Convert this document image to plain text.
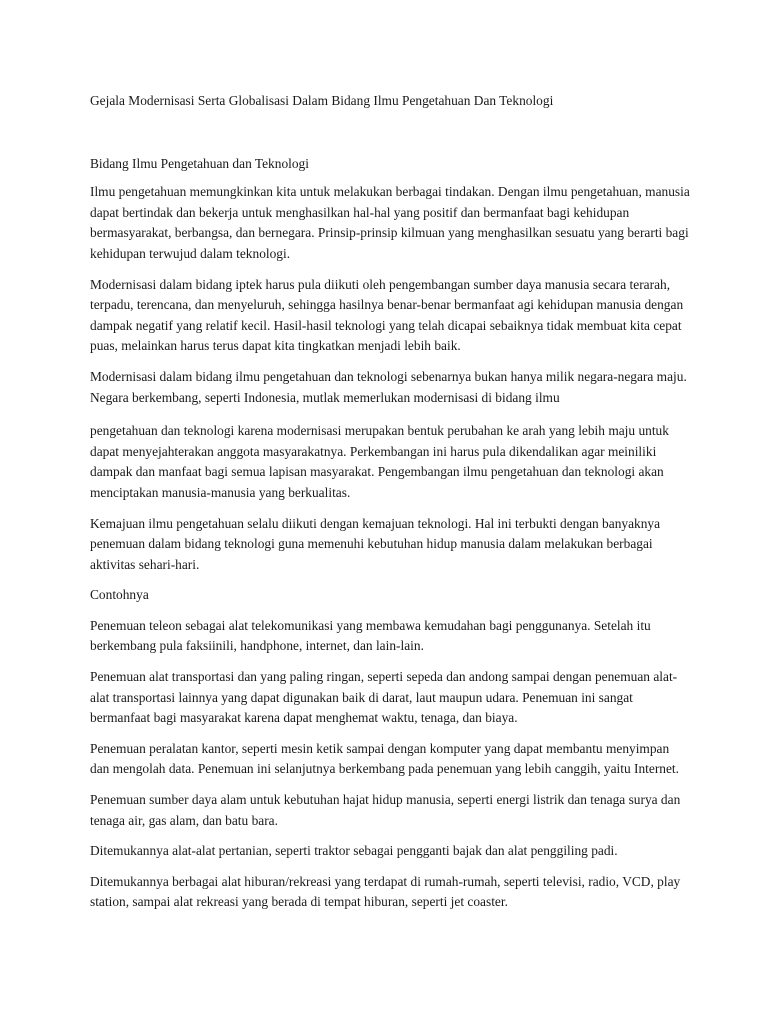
Gejala Modernisasi Serta Globalisasi Dalam Bidang Ilmu Pengetahuan Dan Teknologi

Bidang Ilmu Pengetahuan dan Teknologi

Ilmu pengetahuan memungkinkan kita untuk melakukan berbagai tindakan. Dengan ilmu pengetahuan, manusia dapat bertindak dan bekerja untuk menghasilkan hal-hal yang positif dan bermanfaat bagi kehidupan bermasyarakat, berbangsa, dan bernegara. Prinsip-prinsip kilmuan yang menghasilkan sesuatu yang berarti bagi kehidupan terwujud dalam teknologi.

Modernisasi dalam bidang iptek harus pula diikuti oleh pengembangan sumber daya manusia secara terarah, terpadu, terencana, dan menyeluruh, sehingga hasilnya benar-benar bermanfaat agi kehidupan manusia dengan dampak negatif yang relatif kecil. Hasil-hasil teknologi yang telah dicapai sebaiknya tidak membuat kita cepat puas, melainkan harus terus dapat kita tingkatkan menjadi lebih baik.

Modernisasi dalam bidang ilmu pengetahuan dan teknologi sebenarnya bukan hanya milik negara-negara maju. Negara berkembang, seperti Indonesia, mutlak memerlukan modernisasi di bidang ilmu

pengetahuan dan teknologi karena modernisasi merupakan bentuk perubahan ke arah yang lebih maju untuk dapat menyejahterakan anggota masyarakatnya. Perkembangan ini harus pula dikendalikan agar meiniliki dampak dan manfaat bagi semua lapisan masyarakat. Pengembangan ilmu pengetahuan dan teknologi akan menciptakan manusia-manusia yang berkualitas.

Kemajuan ilmu pengetahuan selalu diikuti dengan kemajuan teknologi. Hal ini terbukti dengan banyaknya penemuan dalam bidang teknologi guna memenuhi kebutuhan hidup manusia dalam melakukan berbagai aktivitas sehari-hari.

Contohnya

Penemuan teleon sebagai alat telekomunikasi yang membawa kemudahan bagi penggunanya. Setelah itu berkembang pula faksiinili, handphone, internet, dan lain-lain.

Penemuan alat transportasi dan yang paling ringan, seperti sepeda dan andong sampai dengan penemuan alat-alat transportasi lainnya yang dapat digunakan baik di darat, laut maupun udara. Penemuan ini sangat bermanfaat bagi masyarakat karena dapat menghemat waktu, tenaga, dan biaya.

Penemuan peralatan kantor, seperti mesin ketik sampai dengan komputer yang dapat membantu menyimpan dan mengolah data. Penemuan ini selanjutnya berkembang pada penemuan yang lebih canggih, yaitu Internet.

Penemuan sumber daya alam untuk kebutuhan hajat hidup manusia, seperti energi listrik dan tenaga surya dan tenaga air, gas alam, dan batu bara.

Ditemukannya alat-alat pertanian, seperti traktor sebagai pengganti bajak dan alat penggiling padi.

Ditemukannya berbagai alat hiburan/rekreasi yang terdapat di rumah-rumah, seperti televisi, radio, VCD, play station, sampai alat rekreasi yang berada di tempat hiburan, seperti jet coaster.
